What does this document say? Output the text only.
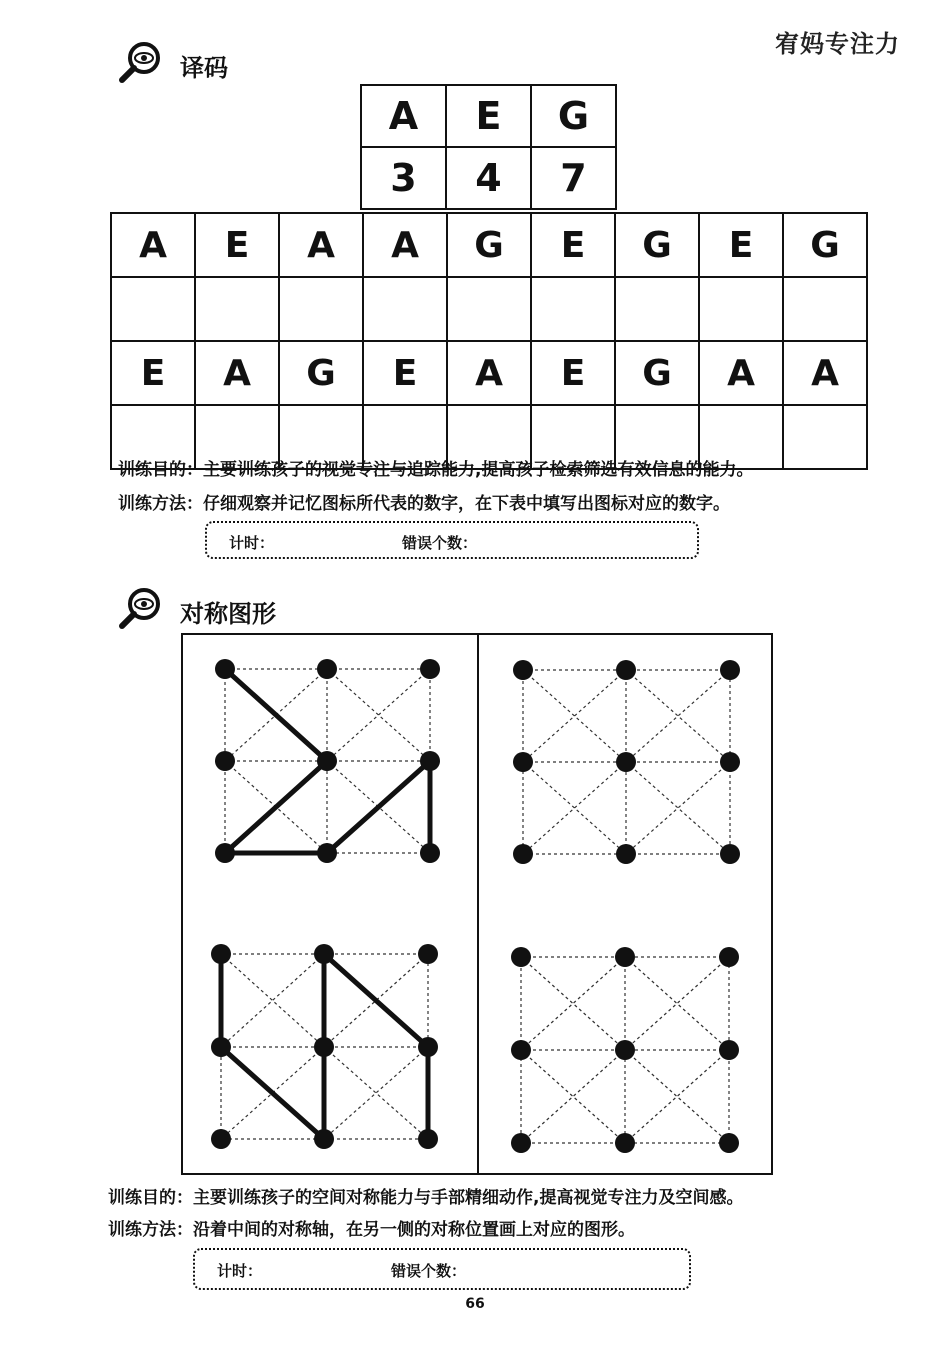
宥妈专注力
译码
A	E	G
3	4	7
A	E	A	A	G	E	G	E	G

E	A	G	E	A	E	G	A	A

训练目的：主要训练孩子的视觉专注与追踪能力,提高孩子检索筛选有效信息的能力。
训练方法：仔细观察并记忆图标所代表的数字，在下表中填写出图标对应的数字。
计时：	错误个数：
对称图形
训练目的：主要训练孩子的空间对称能力与手部精细动作,提高视觉专注力及空间感。
训练方法：沿着中间的对称轴，在另一侧的对称位置画上对应的图形。
计时：	错误个数：
66
